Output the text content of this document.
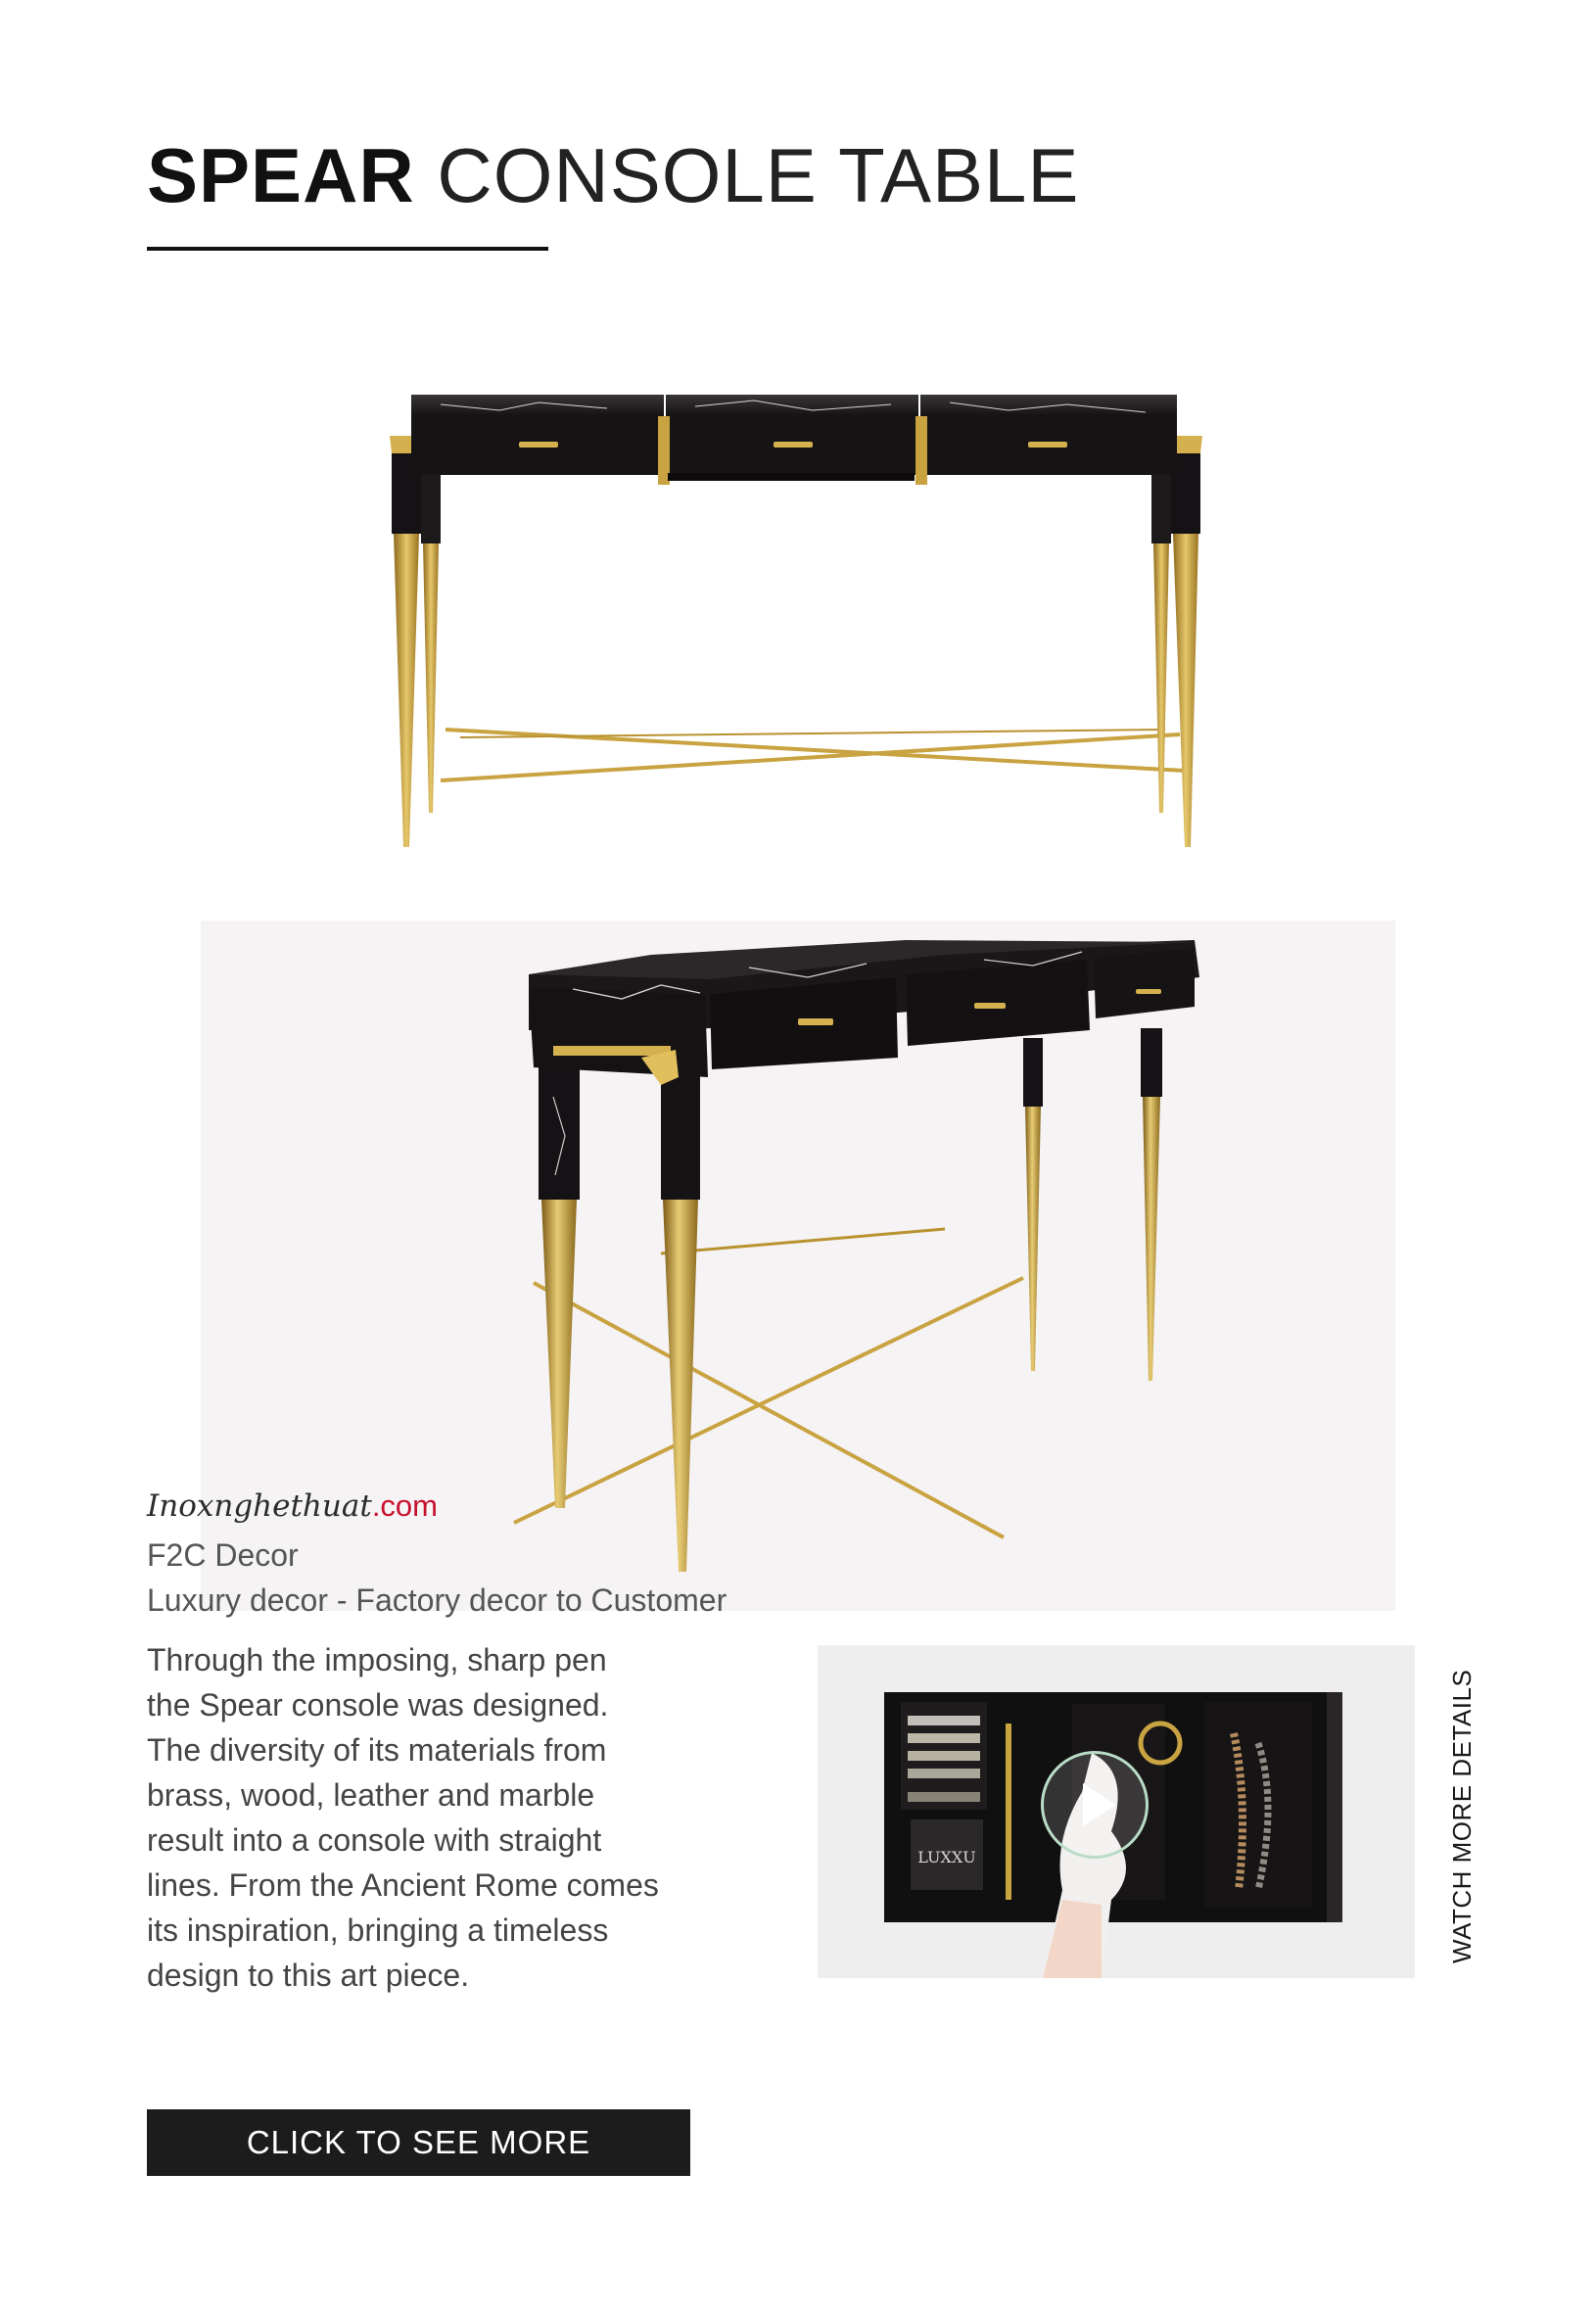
SPEAR CONSOLE TABLE
Inoxnghethuat.com
F2C Decor
Luxury decor - Factory decor to Customer
Through the imposing, sharp pen
the Spear console was designed.
The diversity of its materials from
brass, wood, leather and marble
result into a console with straight
lines. From the Ancient Rome comes
its inspiration, bringing a timeless
design to this art piece.
LUXXU	WATCH MORE DETAILS
CLICK TO SEE MORE
